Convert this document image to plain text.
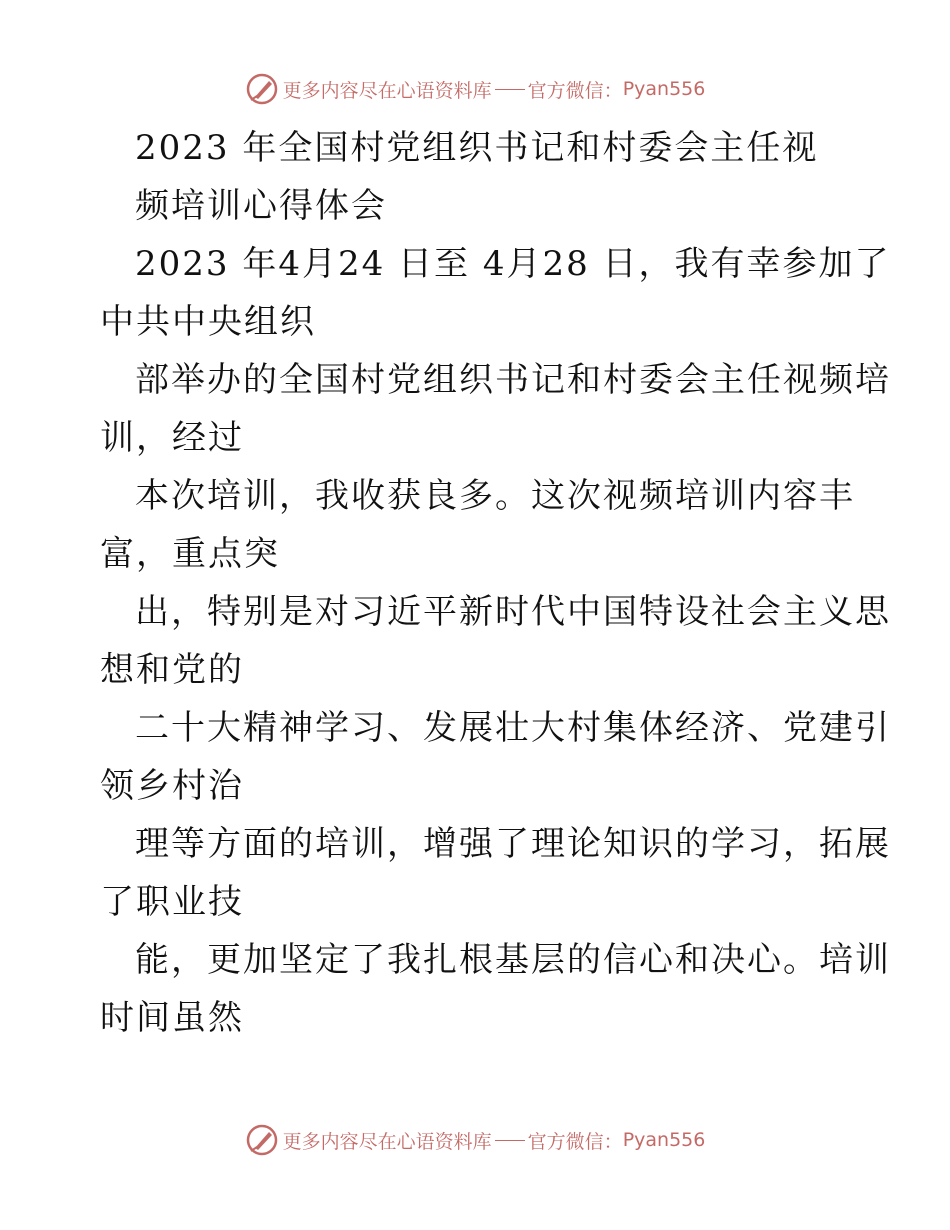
更多内容尽在心语资料库 官方微信： Pyan556
2023 年全国村党组织书记和村委会主任视
频培训心得体会
2023 年4月24 日至 4月28 日，我有幸参加了
中共中央组织
部举办的全国村党组织书记和村委会主任视频培
训，经过
本次培训，我收获良多。这次视频培训内容丰
富，重点突
出，特别是对习近平新时代中国特设社会主义思
想和党的
二十大精神学习、发展壮大村集体经济、党建引
领乡村治
理等方面的培训，增强了理论知识的学习，拓展
了职业技
能，更加坚定了我扎根基层的信心和决心。培训
时间虽然
更多内容尽在心语资料库 官方微信： Pyan556
